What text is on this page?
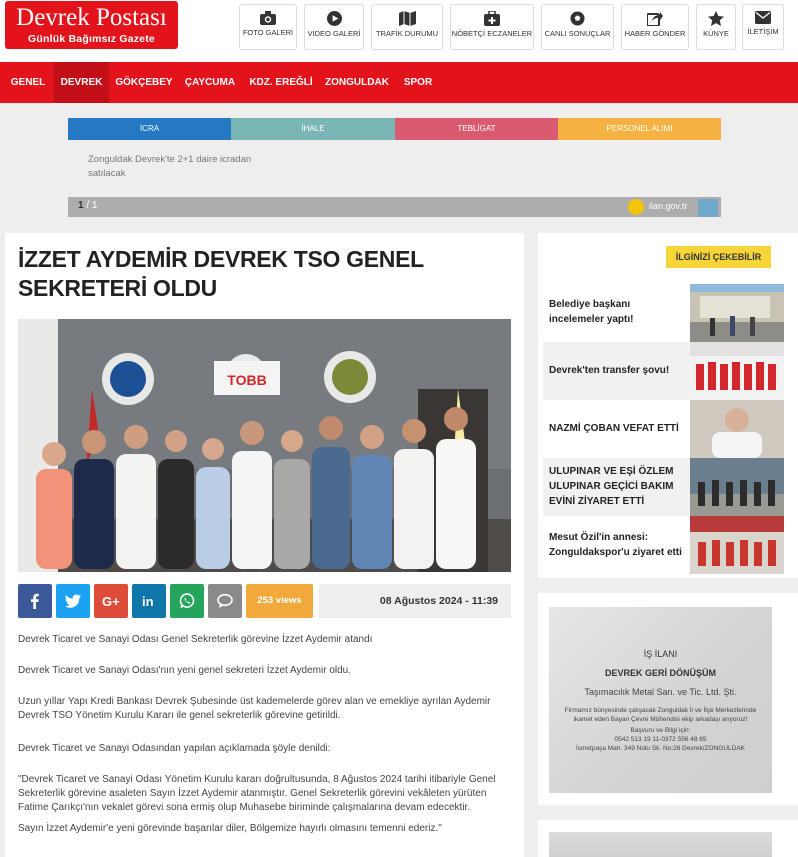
Devrek Postası
Günlük Bağımsız Gazete
FOTO GALERİ	VİDEO GALERİ	TRAFİK DURUMU	NÖBETÇİ ECZANELER	CANLI SONUÇLAR	HABER GÖNDER	KÜNYE	İLETİŞİM
GENEL	DEVREK	GÖKÇEBEY	ÇAYCUMA	KDZ. EREĞLİ	ZONGULDAK	SPOR
İCRA	İHALE	TEBLİGAT	PERSONEL ALIMI
Zonguldak Devrek'te 2+1 daire icradan satılacak
1 / 1	ilan.gov.tr
İZZET AYDEMİR DEVREK TSO GENEL SEKRETERİ OLDU
TOBB
G+ in	253 views	08 Ağustos 2024 - 11:39

Devrek Ticaret ve Sanayi Odası Genel Sekreterlik görevine İzzet Aydemir atandı

Devrek Ticaret ve Sanayi Odası'nın yeni genel sekreteri İzzet Aydemir oldu.

Uzun yıllar Yapı Kredi Bankası Devrek Şubesinde üst kademelerde görev alan ve emekliye ayrılan Aydemir Devrek TSO Yönetim Kurulu Kararı ile genel sekreterlik görevine getirildi.

Devrek Ticaret ve Sanayi Odasından yapılan açıklamada şöyle denildi:

"Devrek Ticaret ve Sanayi Odası Yönetim Kurulu kararı doğrultusunda, 8 Ağustos 2024 tarihi itibariyle Genel Sekreterlik görevine asaleten Sayın İzzet Aydemir atanmıştır. Genel Sekreterlik görevini vekâleten yürüten Fatime Çarıkçı'nın vekalet görevi sona ermiş olup Muhasebe biriminde çalışmalarına devam edecektir.

Sayın İzzet Aydemir'e yeni görevinde başarılar diler, Bölgemize hayırlı olmasını temenni ederiz."

İLGİNİZİ ÇEKEBİLİR
Belediye başkanı incelemeler yaptı!
Devrek'ten transfer şovu!
NAZMİ ÇOBAN VEFAT ETTİ
ULUPINAR VE EŞİ ÖZLEM ULUPINAR GEÇİCİ BAKIM EVİNİ ZİYARET ETTİ
Mesut Özil'in annesi: Zonguldakspor'u ziyaret etti
İŞ İLANI
DEVREK GERİ DÖNÜŞÜM
Taşımacılık Metal San. ve Tic. Ltd. Şti.
Firmamız bünyesinde çalışacak Zonguldak İl ve İlçe Merkezlerinde ikamet eden Bayan Çevre Mühendisi ekip arkadaşı arıyoruz!
Başvuru ve Bilgi için:
0542 513 19 11-0372 556 48 85
İsmetpaşa Mah. 349 Nolu Sk. No:26 Devrek/ZONGULDAK
